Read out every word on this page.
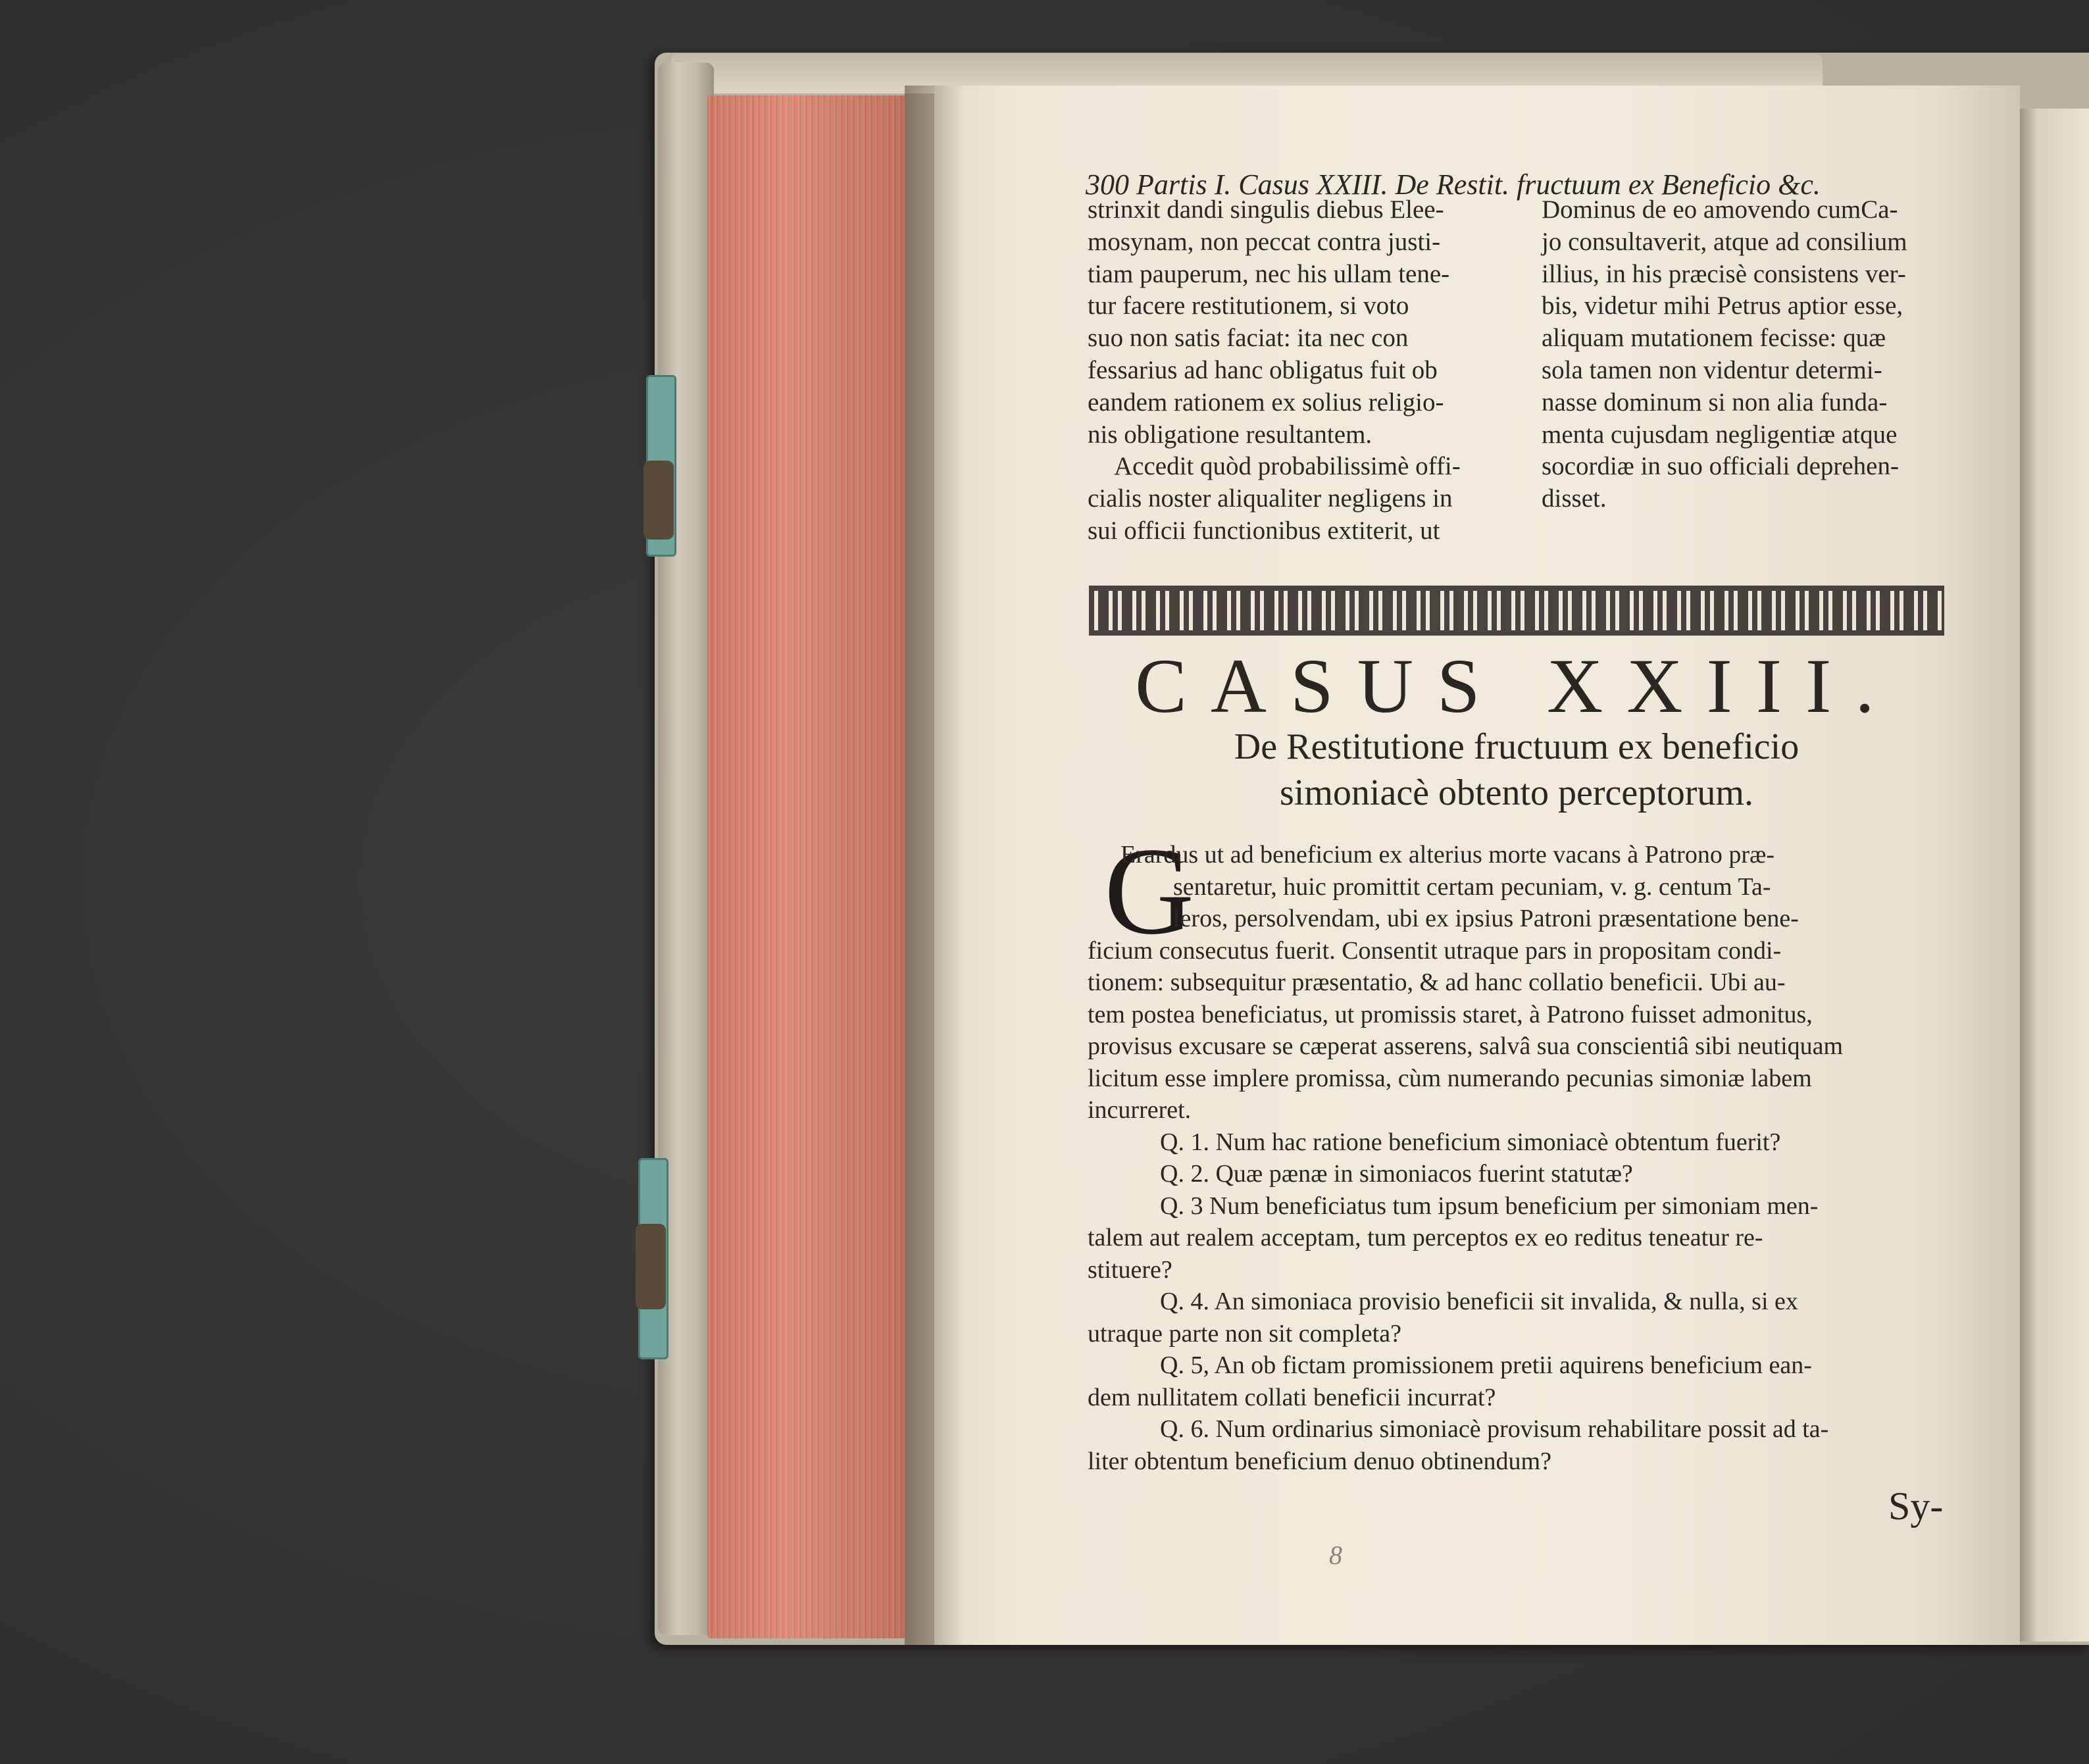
300 Partis I. Casus XXIII. De Restit. fructuum ex Beneficio &c.
strinxit dandi singulis diebus Elee-
mosynam, non peccat contra justi-
tiam pauperum, nec his ullam tene-
tur facere restitutionem, si voto
suo non satis faciat: ita nec con
fessarius ad hanc obligatus fuit ob
eandem rationem ex solius religio-
nis obligatione resultantem.
Accedit quòd probabilissimè offi-
cialis noster aliqualiter negligens in
sui officii functionibus extiterit, ut
Dominus de eo amovendo cumCa-
jo consultaverit, atque ad consilium
illius, in his præcisè consistens ver-
bis, videtur mihi Petrus aptior esse,
aliquam mutationem fecisse: quæ
sola tamen non videntur determi-
nasse dominum si non alia funda-
menta cujusdam negligentiæ atque
socordiæ in suo officiali deprehen-
disset.
CASUS XXIII.
De Restitutione fructuum ex beneficio
simoniacè obtento perceptorum.
G
Erardus ut ad beneficium ex alterius morte vacans à Patrono præ-
sentaretur, huic promittit certam pecuniam, v. g. centum Ta-
leros, persolvendam, ubi ex ipsius Patroni præsentatione bene-
ficium consecutus fuerit. Consentit utraque pars in propositam condi-
tionem: subsequitur præsentatio, & ad hanc collatio beneficii. Ubi au-
tem postea beneficiatus, ut promissis staret, à Patrono fuisset admonitus,
provisus excusare se cæperat asserens, salvâ sua conscientiâ sibi neutiquam
licitum esse implere promissa, cùm numerando pecunias simoniæ labem
incurreret.
Q. 1. Num hac ratione beneficium simoniacè obtentum fuerit?
Q. 2. Quæ pænæ in simoniacos fuerint statutæ?
Q. 3 Num beneficiatus tum ipsum beneficium per simoniam men-
talem aut realem acceptam, tum perceptos ex eo reditus teneatur re-
stituere?
Q. 4. An simoniaca provisio beneficii sit invalida, & nulla, si ex
utraque parte non sit completa?
Q. 5, An ob fictam promissionem pretii aquirens beneficium ean-
dem nullitatem collati beneficii incurrat?
Q. 6. Num ordinarius simoniacè provisum rehabilitare possit ad ta-
liter obtentum beneficium denuo obtinendum?
Sy-
8
